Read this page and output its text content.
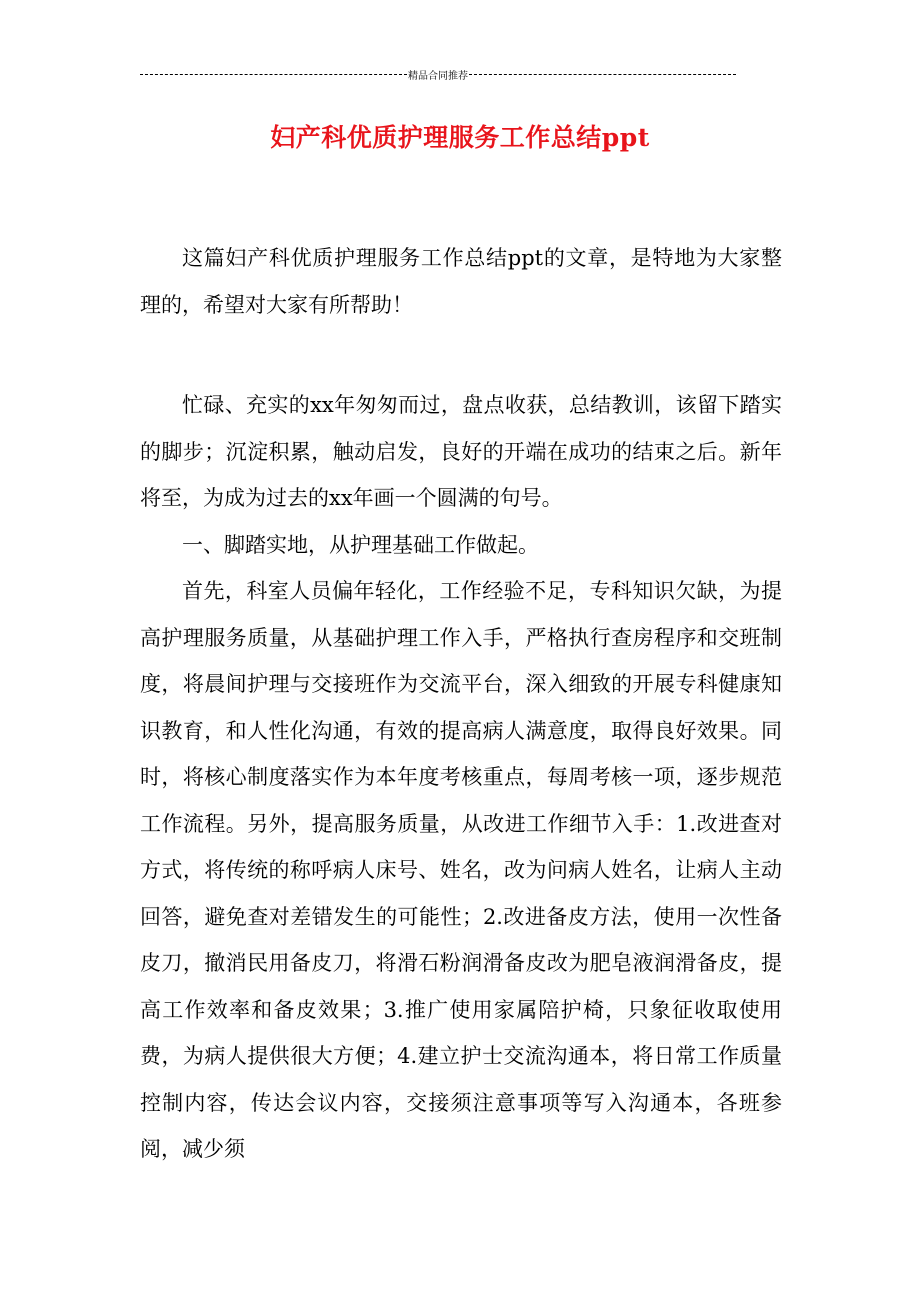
精品合同推荐
妇产科优质护理服务工作总结ppt

这篇妇产科优质护理服务工作总结ppt的文章，是特地为大家整理的，希望对大家有所帮助！

忙碌、充实的xx年匆匆而过，盘点收获，总结教训，该留下踏实的脚步；沉淀积累，触动启发，良好的开端在成功的结束之后。新年将至，为成为过去的xx年画一个圆满的句号。

一、脚踏实地，从护理基础工作做起。

首先，科室人员偏年轻化，工作经验不足，专科知识欠缺，为提高护理服务质量，从基础护理工作入手，严格执行查房程序和交班制度，将晨间护理与交接班作为交流平台，深入细致的开展专科健康知识教育，和人性化沟通，有效的提高病人满意度，取得良好效果。同时，将核心制度落实作为本年度考核重点，每周考核一项，逐步规范工作流程。另外，提高服务质量，从改进工作细节入手：1.改进查对方式，将传统的称呼病人床号、姓名，改为问病人姓名，让病人主动回答，避免查对差错发生的可能性；2.改进备皮方法，使用一次性备皮刀，撤消民用备皮刀，将滑石粉润滑备皮改为肥皂液润滑备皮，提高工作效率和备皮效果；3.推广使用家属陪护椅，只象征收取使用费，为病人提供很大方便；4.建立护士交流沟通本，将日常工作质量控制内容，传达会议内容，交接须注意事项等写入沟通本，各班参阅，减少须
